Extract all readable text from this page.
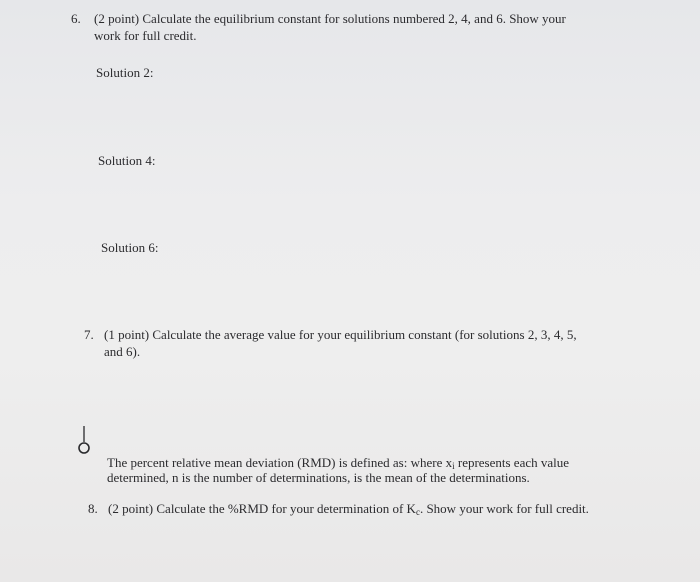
6. (2 point) Calculate the equilibrium constant for solutions numbered 2, 4, and 6. Show your
work for full credit.
Solution 2:
Solution 4:
Solution 6:
7. (1 point) Calculate the average value for your equilibrium constant (for solutions 2, 3, 4, 5,
and 6).
The percent relative mean deviation (RMD) is defined as: where $x_i$ represents each value
determined, n is the number of determinations, is the mean of the determinations.
8. (2 point) Calculate the %RMD for your determination of $K_c$. Show your work for full credit.
